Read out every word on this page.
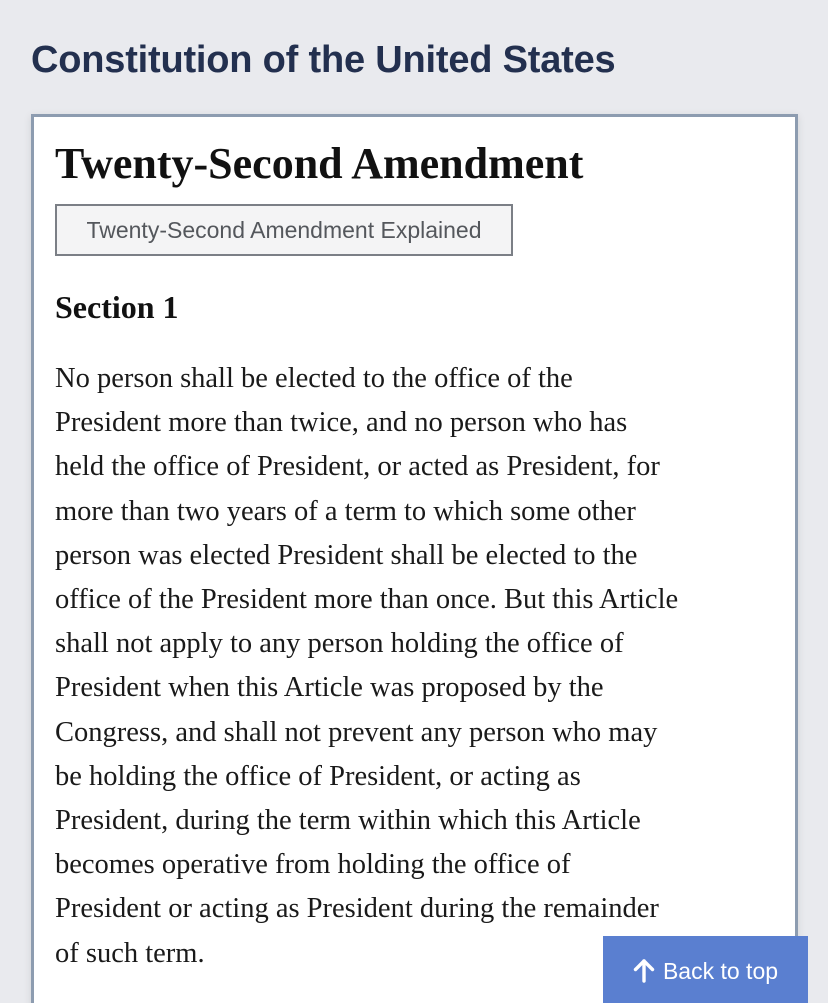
Constitution of the United States
Twenty-Second Amendment
Twenty-Second Amendment Explained
Section 1

No person shall be elected to the office of the
President more than twice, and no person who has
held the office of President, or acted as President, for
more than two years of a term to which some other
person was elected President shall be elected to the
office of the President more than once. But this Article
shall not apply to any person holding the office of
President when this Article was proposed by the
Congress, and shall not prevent any person who may
be holding the office of President, or acting as
President, during the term within which this Article
becomes operative from holding the office of
President or acting as President during the remainder
of such term.

Back to top
